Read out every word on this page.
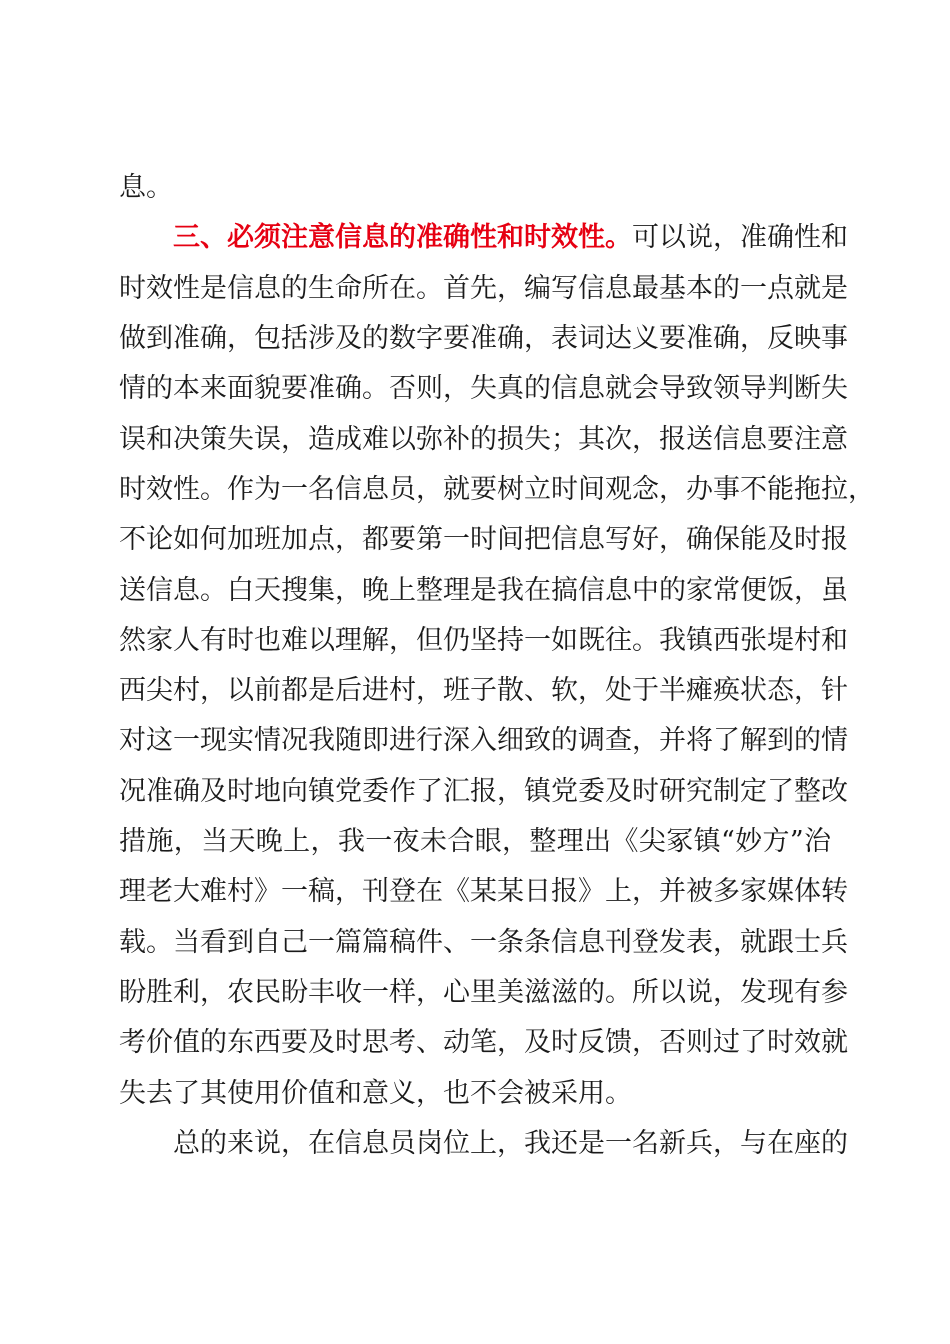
息。
三、必须注意信息的准确性和时效性。可以说，准确性和
时效性是信息的生命所在。首先，编写信息最基本的一点就是
做到准确，包括涉及的数字要准确，表词达义要准确，反映事
情的本来面貌要准确。否则，失真的信息就会导致领导判断失
误和决策失误，造成难以弥补的损失；其次，报送信息要注意
时效性。作为一名信息员，就要树立时间观念，办事不能拖拉，
不论如何加班加点，都要第一时间把信息写好，确保能及时报
送信息。白天搜集，晚上整理是我在搞信息中的家常便饭，虽
然家人有时也难以理解，但仍坚持一如既往。我镇西张堤村和
西尖村，以前都是后进村，班子散、软，处于半瘫痪状态，针
对这一现实情况我随即进行深入细致的调查，并将了解到的情
况准确及时地向镇党委作了汇报，镇党委及时研究制定了整改
措施，当天晚上，我一夜未合眼，整理出《尖冢镇“妙方”治
理老大难村》一稿，刊登在《某某日报》上，并被多家媒体转
载。当看到自己一篇篇稿件、一条条信息刊登发表，就跟士兵
盼胜利，农民盼丰收一样，心里美滋滋的。所以说，发现有参
考价值的东西要及时思考、动笔，及时反馈，否则过了时效就
失去了其使用价值和意义，也不会被采用。
总的来说，在信息员岗位上，我还是一名新兵，与在座的
